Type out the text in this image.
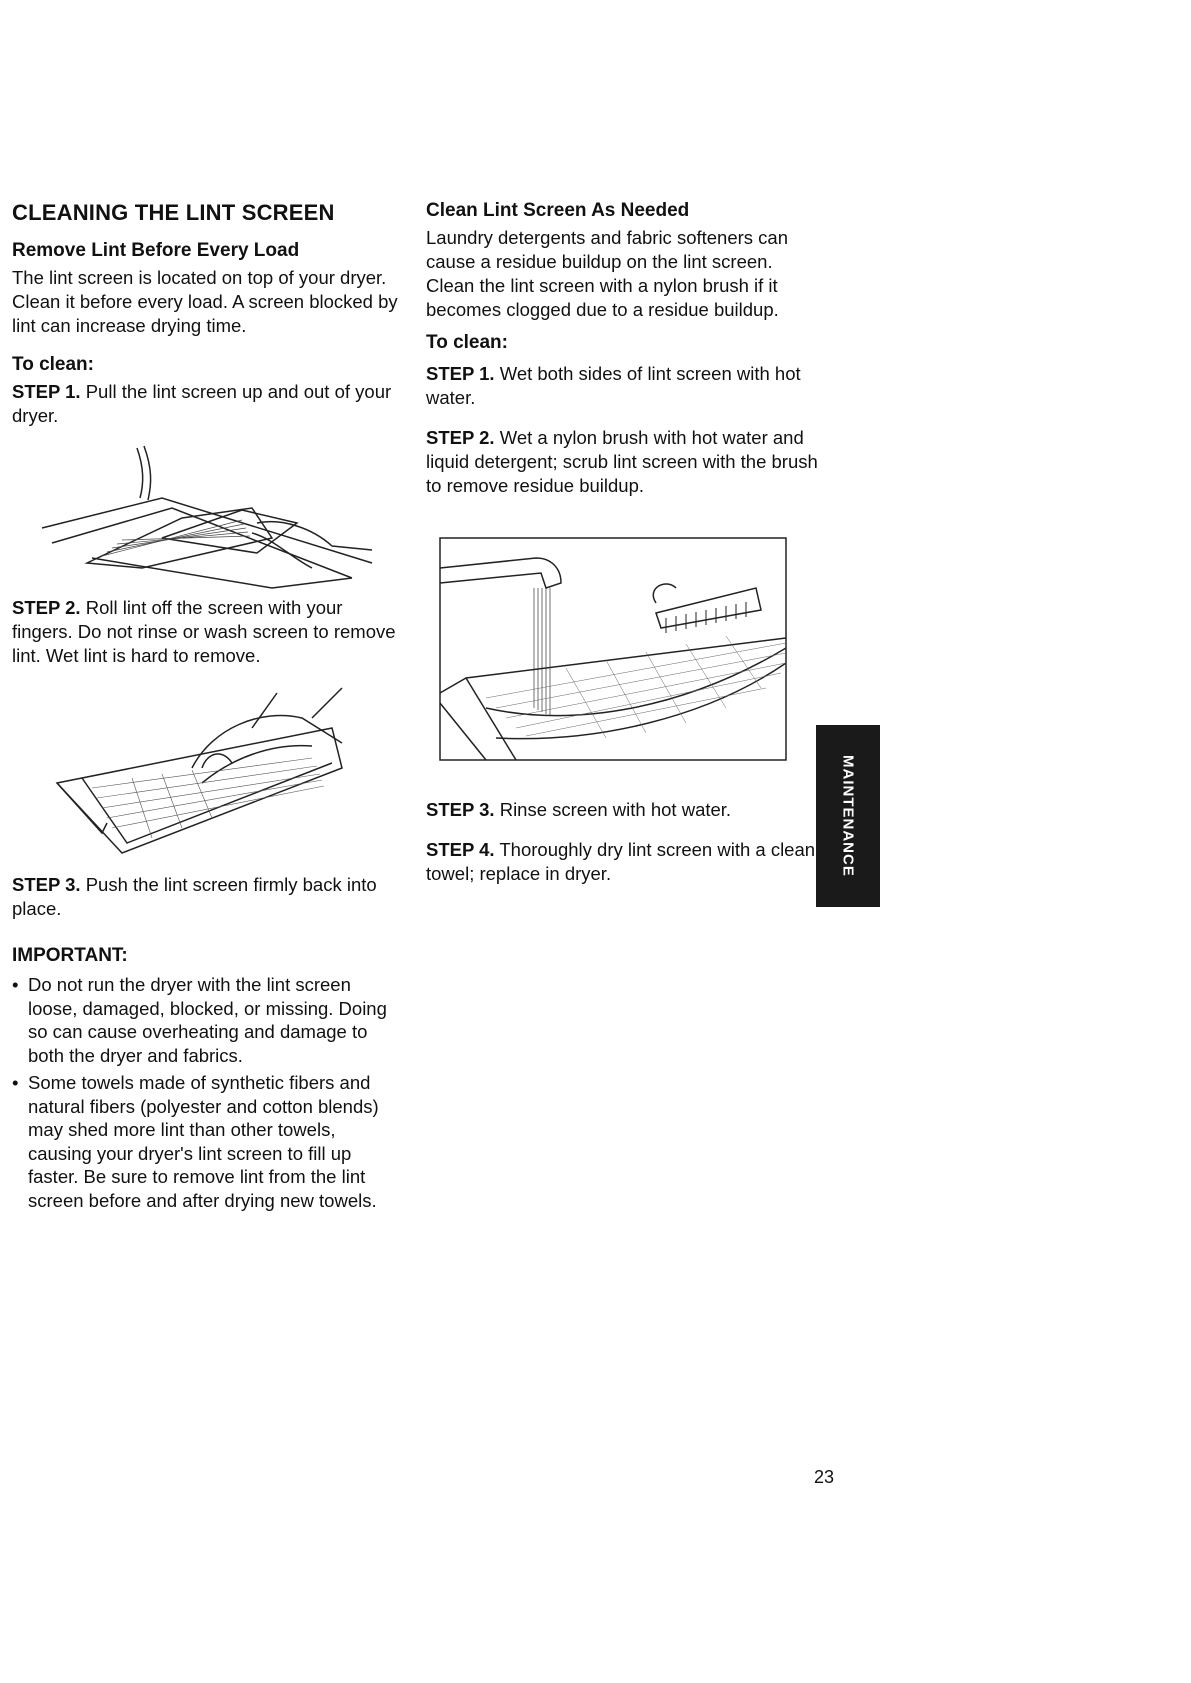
CLEANING THE LINT SCREEN
Remove Lint Before Every Load

The lint screen is located on top of your dryer. Clean it before every load. A screen blocked by lint can increase drying time.

To clean:

STEP 1. Pull the lint screen up and out of your dryer.

STEP 2. Roll lint off the screen with your fingers. Do not rinse or wash screen to remove lint. Wet lint is hard to remove.

STEP 3. Push the lint screen firmly back into place.

IMPORTANT:
• Do not run the dryer with the lint screen loose, damaged, blocked, or missing. Doing so can cause overheating and damage to both the dryer and fabrics.
• Some towels made of synthetic fibers and natural fibers (polyester and cotton blends) may shed more lint than other towels, causing your dryer's lint screen to fill up faster. Be sure to remove lint from the lint screen before and after drying new towels.
Clean Lint Screen As Needed

Laundry detergents and fabric softeners can cause a residue buildup on the lint screen. Clean the lint screen with a nylon brush if it becomes clogged due to a residue buildup.

To clean:

STEP 1. Wet both sides of lint screen with hot water.

STEP 2. Wet a nylon brush with hot water and liquid detergent; scrub lint screen with the brush to remove residue buildup.

STEP 3. Rinse screen with hot water.

STEP 4. Thoroughly dry lint screen with a clean towel; replace in dryer.	MAINTENANCE
23
